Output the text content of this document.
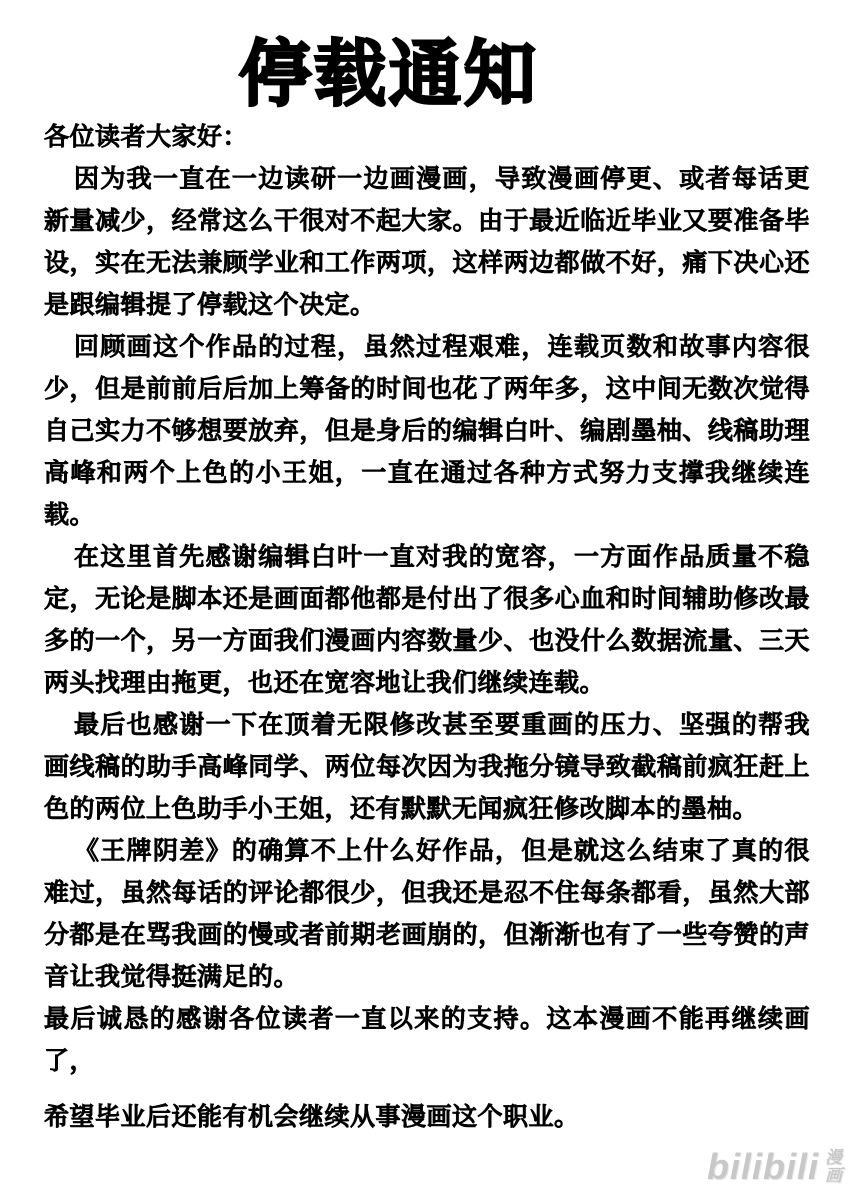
停载通知

各位读者大家好：

因为我一直在一边读研一边画漫画，导致漫画停更、或者每话更新量减少，经常这么干很对不起大家。由于最近临近毕业又要准备毕设，实在无法兼顾学业和工作两项，这样两边都做不好，痛下决心还是跟编辑提了停载这个决定。

回顾画这个作品的过程，虽然过程艰难，连载页数和故事内容很少，但是前前后后加上筹备的时间也花了两年多，这中间无数次觉得自己实力不够想要放弃，但是身后的编辑白叶、编剧墨柚、线稿助理高峰和两个上色的小王姐，一直在通过各种方式努力支撑我继续连载。

在这里首先感谢编辑白叶一直对我的宽容，一方面作品质量不稳定，无论是脚本还是画面都他都是付出了很多心血和时间辅助修改最多的一个，另一方面我们漫画内容数量少、也没什么数据流量、三天两头找理由拖更，也还在宽容地让我们继续连载。

最后也感谢一下在顶着无限修改甚至要重画的压力、坚强的帮我画线稿的助手高峰同学、两位每次因为我拖分镜导致截稿前疯狂赶上色的两位上色助手小王姐，还有默默无闻疯狂修改脚本的墨柚。

《王牌阴差》的确算不上什么好作品，但是就这么结束了真的很难过，虽然每话的评论都很少，但我还是忍不住每条都看，虽然大部分都是在骂我画的慢或者前期老画崩的，但渐渐也有了一些夸赞的声音让我觉得挺满足的。

最后诚恳的感谢各位读者一直以来的支持。这本漫画不能再继续画了，

希望毕业后还能有机会继续从事漫画这个职业。

bilibili 漫
画
